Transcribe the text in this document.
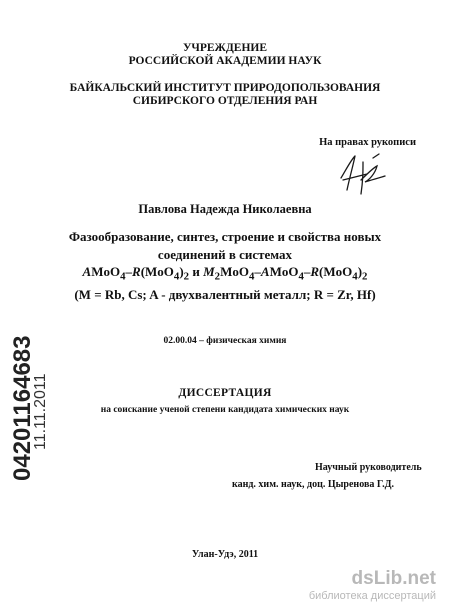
УЧРЕЖДЕНИЕ
РОССИЙСКОЙ АКАДЕМИИ НАУК
БАЙКАЛЬСКИЙ ИНСТИТУТ ПРИРОДОПОЛЬЗОВАНИЯ
СИБИРСКОГО ОТДЕЛЕНИЯ РАН
На правах рукописи
Павлова Надежда Николаевна
Фазообразование, синтез, строение и свойства новых
соединений в системах
$AMoO_4-R(MoO_4)_2$ и $M_2MoO_4-AMoO_4-R(MoO_4)_2$
(M = Rb, Cs; A - двухвалентный металл; R = Zr, Hf)
02.00.04 – физическая химия
ДИССЕРТАЦИЯ
на соискание ученой степени кандидата химических наук
Научный руководитель
канд. хим. наук, доц. Цыренова Г.Д.
Улан-Удэ, 2011
04201164683
11.11.2011
dsLib.net
библиотека диссертаций
